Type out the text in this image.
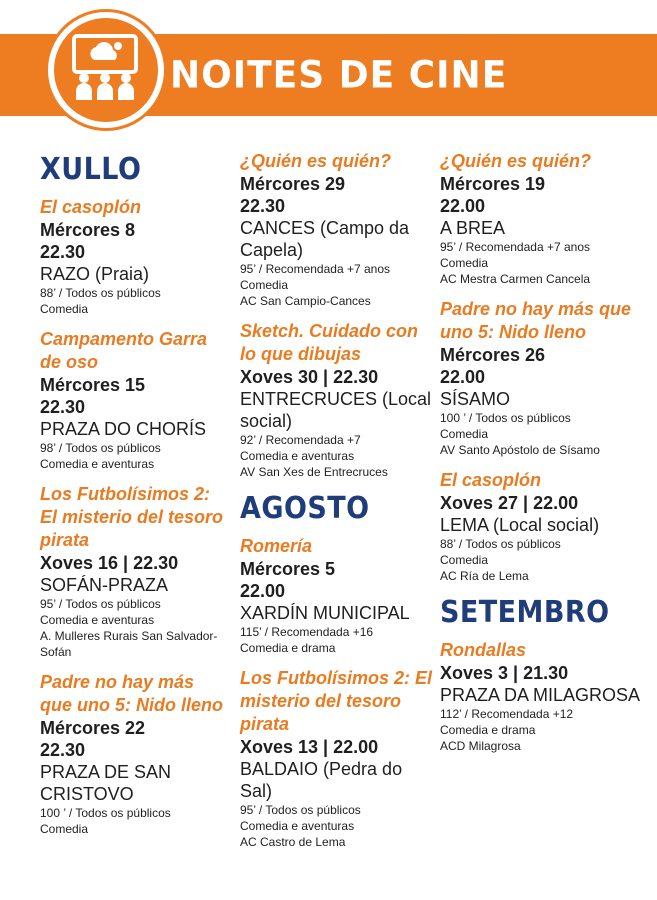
NOITES DE CINE
XULLO
El casoplón
Mércores 8
22.30
RAZO (Praia)
88’ / Todos os públicos
Comedia
Campamento Garra de oso
Mércores 15
22.30
PRAZA DO CHORÍS
98’ / Todos os públicos
Comedia e aventuras
Los Futbolísimos 2: El misterio del tesoro pirata
Xoves 16 | 22.30
SOFÁN-PRAZA
95’ / Todos os públicos
Comedia e aventuras
A. Mulleres Rurais San Salvador-Sofán
Padre no hay más que uno 5: Nido lleno
Mércores 22
22.30
PRAZA DE SAN CRISTOVO
100 ’ / Todos os públicos
Comedia
¿Quién es quién?
Mércores 29
22.30
CANCES (Campo da Capela)
95’ / Recomendada +7 anos
Comedia
AC San Campio-Cances
Sketch. Cuidado con lo que dibujas
Xoves 30 | 22.30
ENTRECRUCES (Local social)
92’ / Recomendada +7
Comedia e aventuras
AV San Xes de Entrecruces
AGOSTO
Romería
Mércores 5
22.00
XARDÍN MUNICIPAL
115’ / Recomendada +16
Comedia e drama
Los Futbolísimos 2: El misterio del tesoro pirata
Xoves 13 | 22.00
BALDAIO (Pedra do Sal)
95’ / Todos os públicos
Comedia e aventuras
AC Castro de Lema
¿Quién es quién?
Mércores 19
22.00
A BREA
95’ / Recomendada +7 anos
Comedia
AC Mestra Carmen Cancela
Padre no hay más que uno 5: Nido lleno
Mércores 26
22.00
SÍSAMO
100 ’ / Todos os públicos
Comedia
AV Santo Apóstolo de Sísamo
El casoplón
Xoves 27 | 22.00
LEMA (Local social)
88’ / Todos os públicos
Comedia
AC Ría de Lema
SETEMBRO
Rondallas
Xoves 3 | 21.30
PRAZA DA MILAGROSA
112’ / Recomendada +12
Comedia e drama
ACD Milagrosa
